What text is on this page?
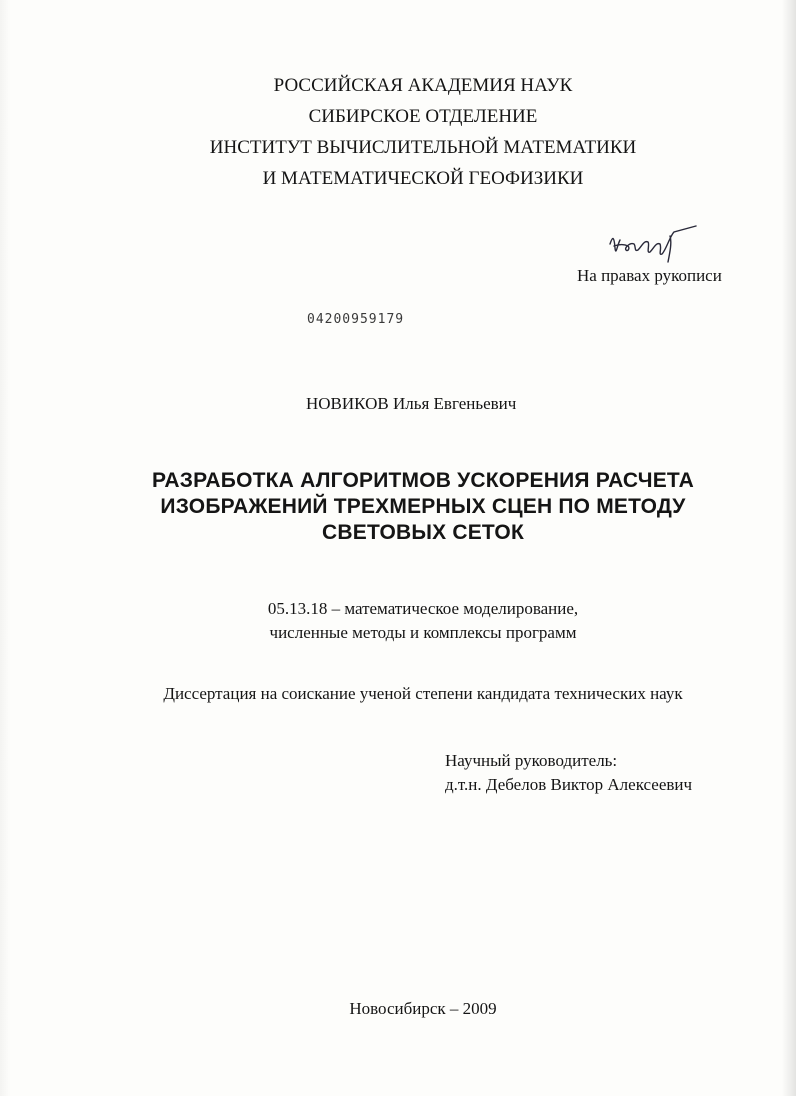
РОССИЙСКАЯ АКАДЕМИЯ НАУК
СИБИРСКОЕ ОТДЕЛЕНИЕ
ИНСТИТУТ ВЫЧИСЛИТЕЛЬНОЙ МАТЕМАТИКИ
И МАТЕМАТИЧЕСКОЙ ГЕОФИЗИКИ
На правах рукописи
04200959179
НОВИКОВ Илья Евгеньевич
РАЗРАБОТКА АЛГОРИТМОВ УСКОРЕНИЯ РАСЧЕТА
ИЗОБРАЖЕНИЙ ТРЕХМЕРНЫХ СЦЕН ПО МЕТОДУ
СВЕТОВЫХ СЕТОК
05.13.18 – математическое моделирование,
численные методы и комплексы программ
Диссертация на соискание ученой степени кандидата технических наук
Научный руководитель:
д.т.н. Дебелов Виктор Алексеевич
Новосибирск – 2009
